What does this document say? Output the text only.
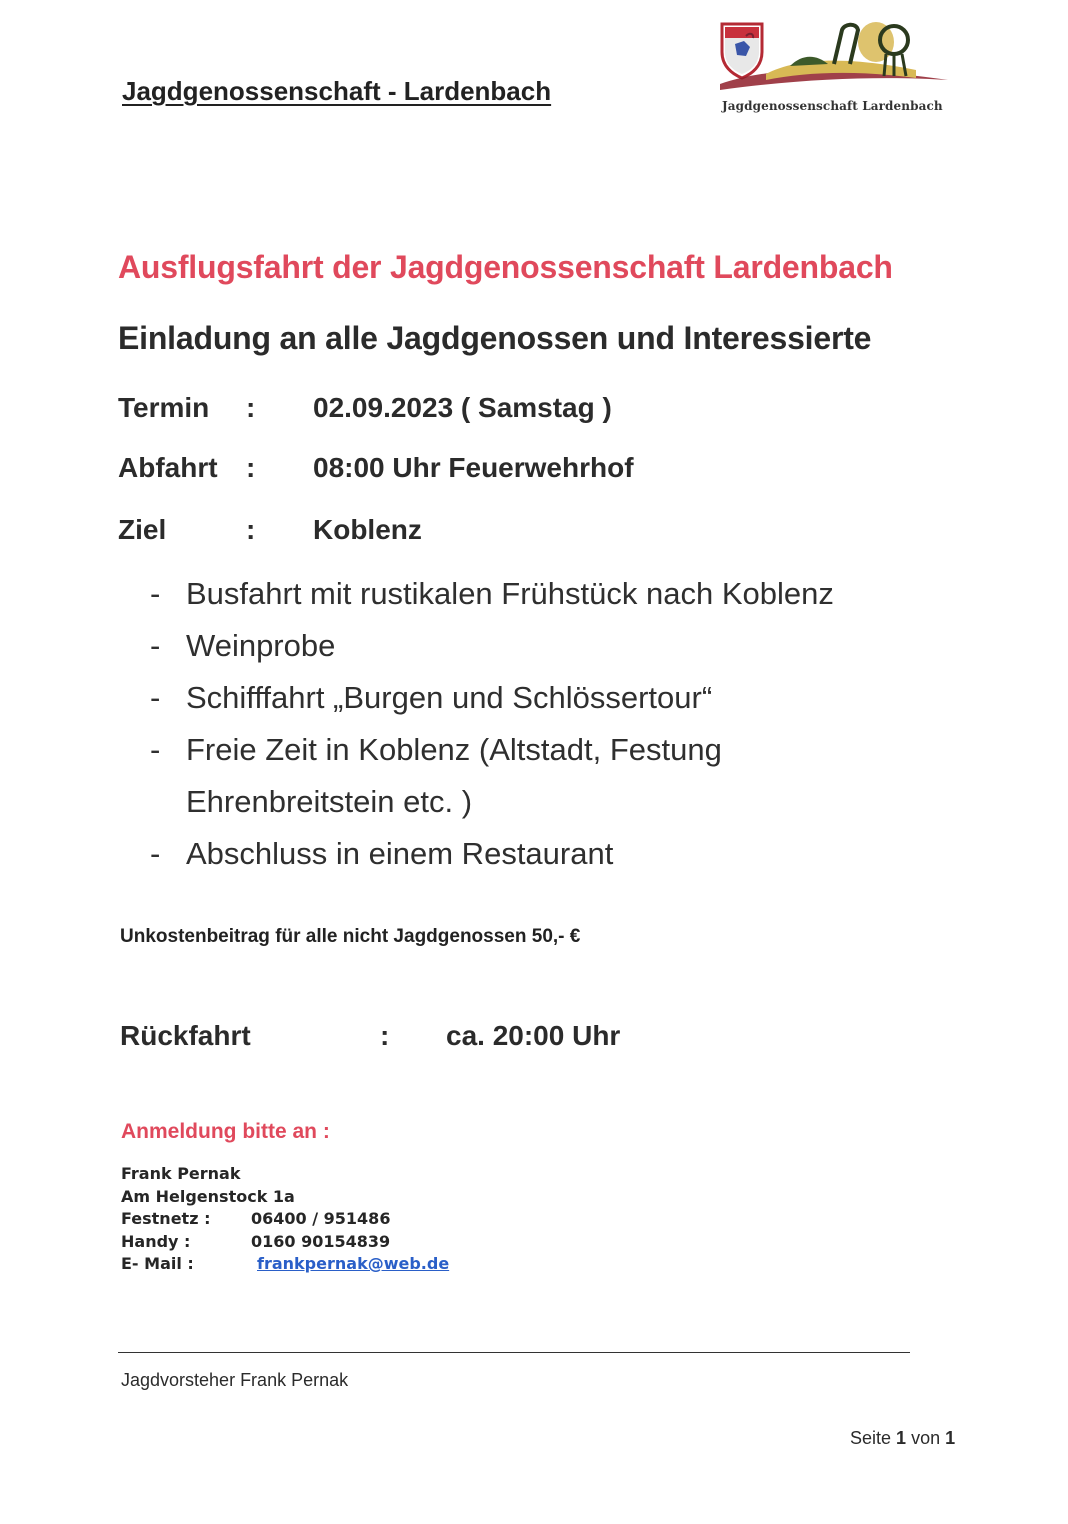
Jagdgenossenschaft - Lardenbach	Jagdgenossenschaft Lardenbach
Ausflugsfahrt der Jagdgenossenschaft Lardenbach
Einladung an alle Jagdgenossen und Interessierte
Termin : 02.09.2023 ( Samstag )
Abfahrt : 08:00 Uhr Feuerwehrhof
Ziel	: Koblenz
- Busfahrt mit rustikalen Frühstück nach Koblenz
- Weinprobe
- Schifffahrt „Burgen und Schlössertour“
- Freie Zeit in Koblenz (Altstadt, Festung Ehrenbreitstein etc. )
- Abschluss in einem Restaurant
Unkostenbeitrag für alle nicht Jagdgenossen 50,- €
Rückfahrt	: ca. 20:00 Uhr
Anmeldung bitte an :
Frank Pernak
Am Helgenstock 1a
Festnetz :	06400 / 951486
Handy :	0160 90154839
E- Mail :	frankpernak@web.de
Jagdvorsteher Frank Pernak
Seite 1 von 1
